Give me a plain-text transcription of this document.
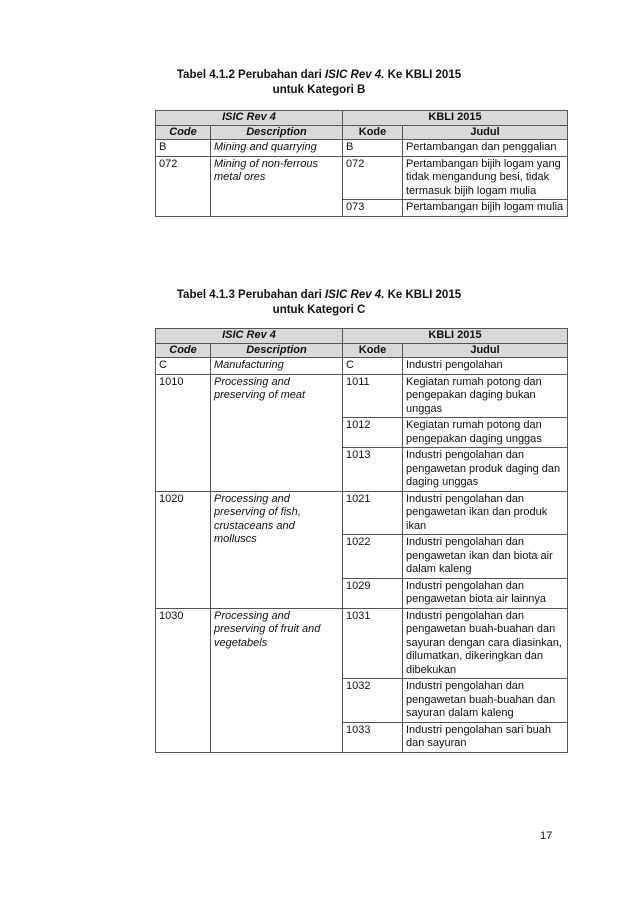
Tabel 4.1.2 Perubahan dari ISIC Rev 4. Ke KBLI 2015
untuk Kategori B
ISIC Rev 4		KBLI 2015	
Code	Description	Kode	Judul
B	Mining and quarrying	B	Pertambangan dan penggalian
072	Mining of non-ferrous metal ores	072	Pertambangan bijih logam yang tidak mengandung besi, tidak termasuk bijih logam mulia
		073	Pertambangan bijih logam mulia
Tabel 4.1.3 Perubahan dari ISIC Rev 4. Ke KBLI 2015
untuk Kategori C
ISIC Rev 4		KBLI 2015	
Code	Description	Kode	Judul
C	Manufacturing	C	Industri pengolahan
1010	Processing and preserving of meat	1011	Kegiatan rumah potong dan pengepakan daging bukan unggas
		1012	Kegiatan rumah potong dan pengepakan daging unggas
		1013	Industri pengolahan dan pengawetan produk daging dan daging unggas
1020	Processing and preserving of fish, crustaceans and molluscs	1021	Industri pengolahan dan pengawetan ikan dan produk ikan
		1022	Industri pengolahan dan pengawetan ikan dan biota air dalam kaleng
		1029	Industri pengolahan dan pengawetan biota air lainnya
1030	Processing and preserving of fruit and vegetabels	1031	Industri pengolahan dan pengawetan buah-buahan dan sayuran dengan cara diasinkan, dilumatkan, dikeringkan dan dibekukan
		1032	Industri pengolahan dan pengawetan buah-buahan dan sayuran dalam kaleng
		1033	Industri pengolahan sari buah dan sayuran
17
